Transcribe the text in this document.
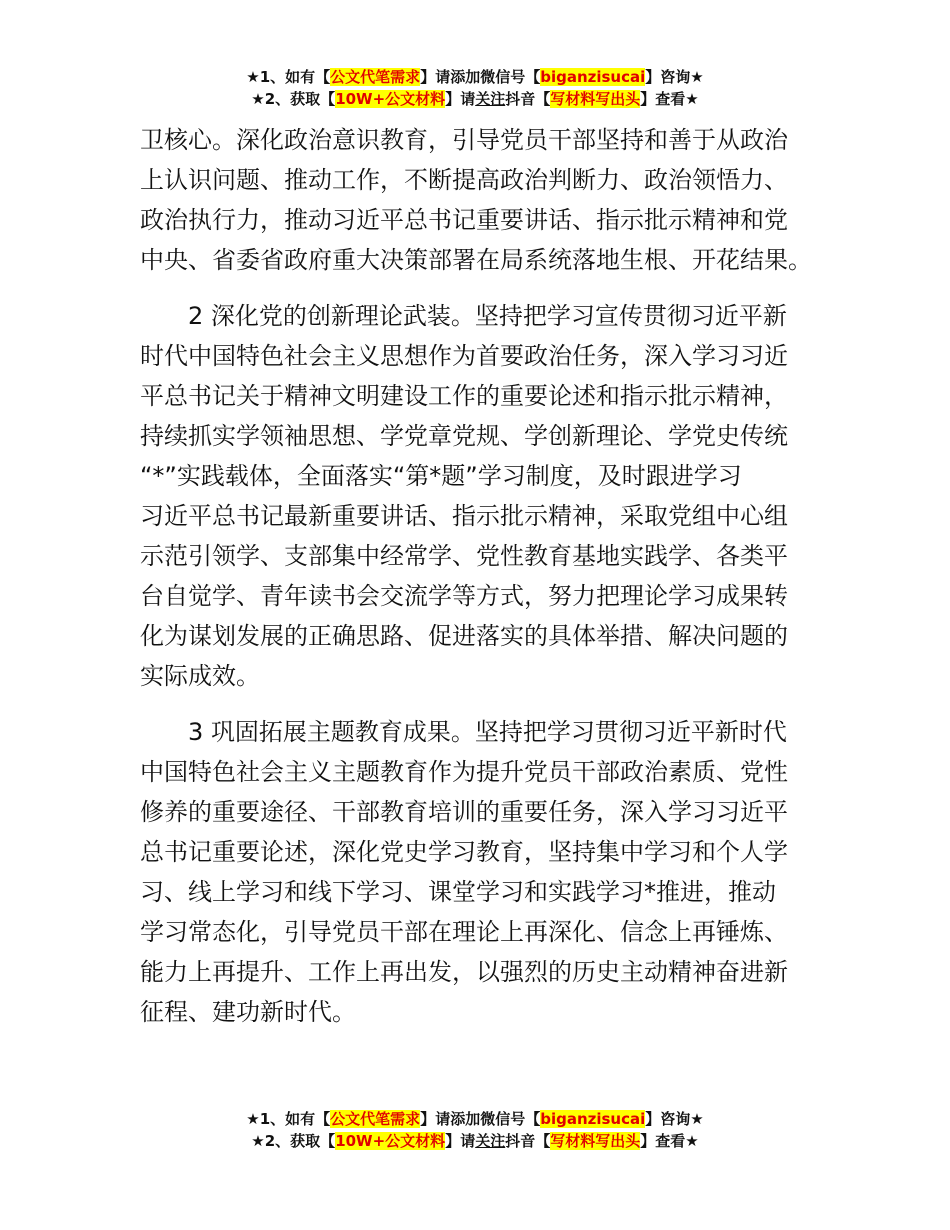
★1、如有【公文代笔需求】请添加微信号【biganzisucai】咨询★
★2、获取【10W+公文材料】请关注抖音【写材料写出头】查看★
卫核心。深化政治意识教育，引导党员干部坚持和善于从政治
上认识问题、推动工作，不断提高政治判断力、政治领悟力、
政治执行力，推动习近平总书记重要讲话、指示批示精神和党
中央、省委省政府重大决策部署在局系统落地生根、开花结果。
　　2 深化党的创新理论武装。坚持把学习宣传贯彻习近平新
时代中国特色社会主义思想作为首要政治任务，深入学习习近
平总书记关于精神文明建设工作的重要论述和指示批示精神，
持续抓实学领袖思想、学党章党规、学创新理论、学党史传统
“*”实践载体，全面落实“第*题”学习制度，及时跟进学习
习近平总书记最新重要讲话、指示批示精神，采取党组中心组
示范引领学、支部集中经常学、党性教育基地实践学、各类平
台自觉学、青年读书会交流学等方式，努力把理论学习成果转
化为谋划发展的正确思路、促进落实的具体举措、解决问题的
实际成效。
　　3 巩固拓展主题教育成果。坚持把学习贯彻习近平新时代
中国特色社会主义主题教育作为提升党员干部政治素质、党性
修养的重要途径、干部教育培训的重要任务，深入学习习近平
总书记重要论述，深化党史学习教育，坚持集中学习和个人学
习、线上学习和线下学习、课堂学习和实践学习*推进，推动
学习常态化，引导党员干部在理论上再深化、信念上再锤炼、
能力上再提升、工作上再出发，以强烈的历史主动精神奋进新
征程、建功新时代。
★1、如有【公文代笔需求】请添加微信号【biganzisucai】咨询★
★2、获取【10W+公文材料】请关注抖音【写材料写出头】查看★
